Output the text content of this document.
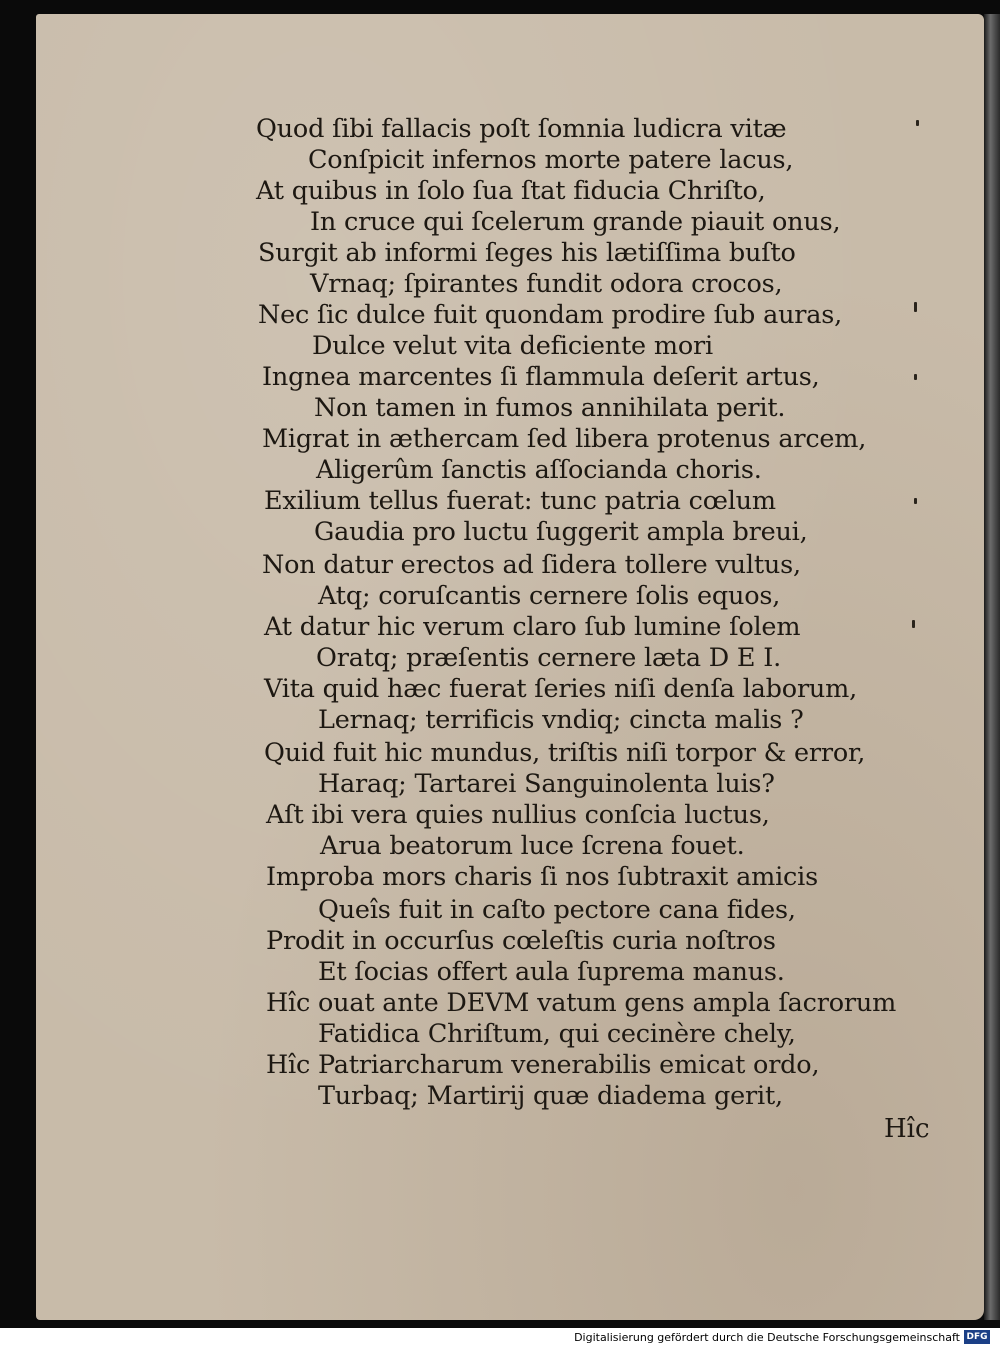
Quod ſibi fallacis poſt ſomnia ludicra vitæ
Conſpicit infernos morte patere lacus,
At quibus in ſolo ſua ſtat fiducia Chriſto,
In cruce qui ſcelerum grande piauit onus,
Surgit ab informi ſeges his lætiſſima buſto
Vrnaq; ſpirantes fundit odora crocos,
Nec ſic dulce fuit quondam prodire ſub auras,
Dulce velut vita deficiente mori
Ingnea marcentes ſi flammula deſerit artus,
Non tamen in fumos annihilata perit.
Migrat in æthercam ſed libera protenus arcem,
Aligerûm ſanctis aſſocianda choris.
Exilium tellus fuerat: tunc patria cœlum
Gaudia pro luctu ſuggerit ampla breui,
Non datur erectos ad ſidera tollere vultus,
Atq; coruſcantis cernere ſolis equos,
At datur hic verum claro ſub lumine ſolem
Oratq; præſentis cernere læta D E I.
Vita quid hæc fuerat ſeries niſi denſa laborum,
Lernaq; terrificis vndiq; cincta malis ?
Quid fuit hic mundus, triſtis niſi torpor & error,
Haraq; Tartarei Sanguinolenta luis?
Aſt ibi vera quies nullius conſcia luctus,
Arua beatorum luce ſcrena fouet.
Improba mors charis ſi nos ſubtraxit amicis
Queîs fuit in caſto pectore cana fides,
Prodit in occurſus cœleſtis curia noſtros
Et ſocias offert aula ſuprema manus.
Hîc ouat ante DEVM vatum gens ampla ſacrorum
Fatidica Chriſtum, qui cecinère chely,
Hîc Patriarcharum venerabilis emicat ordo,
Turbaq; Martirij quæ diadema gerit,
Hîc
Digitalisierung gefördert durch die Deutsche Forschungsgemeinschaft DFG
